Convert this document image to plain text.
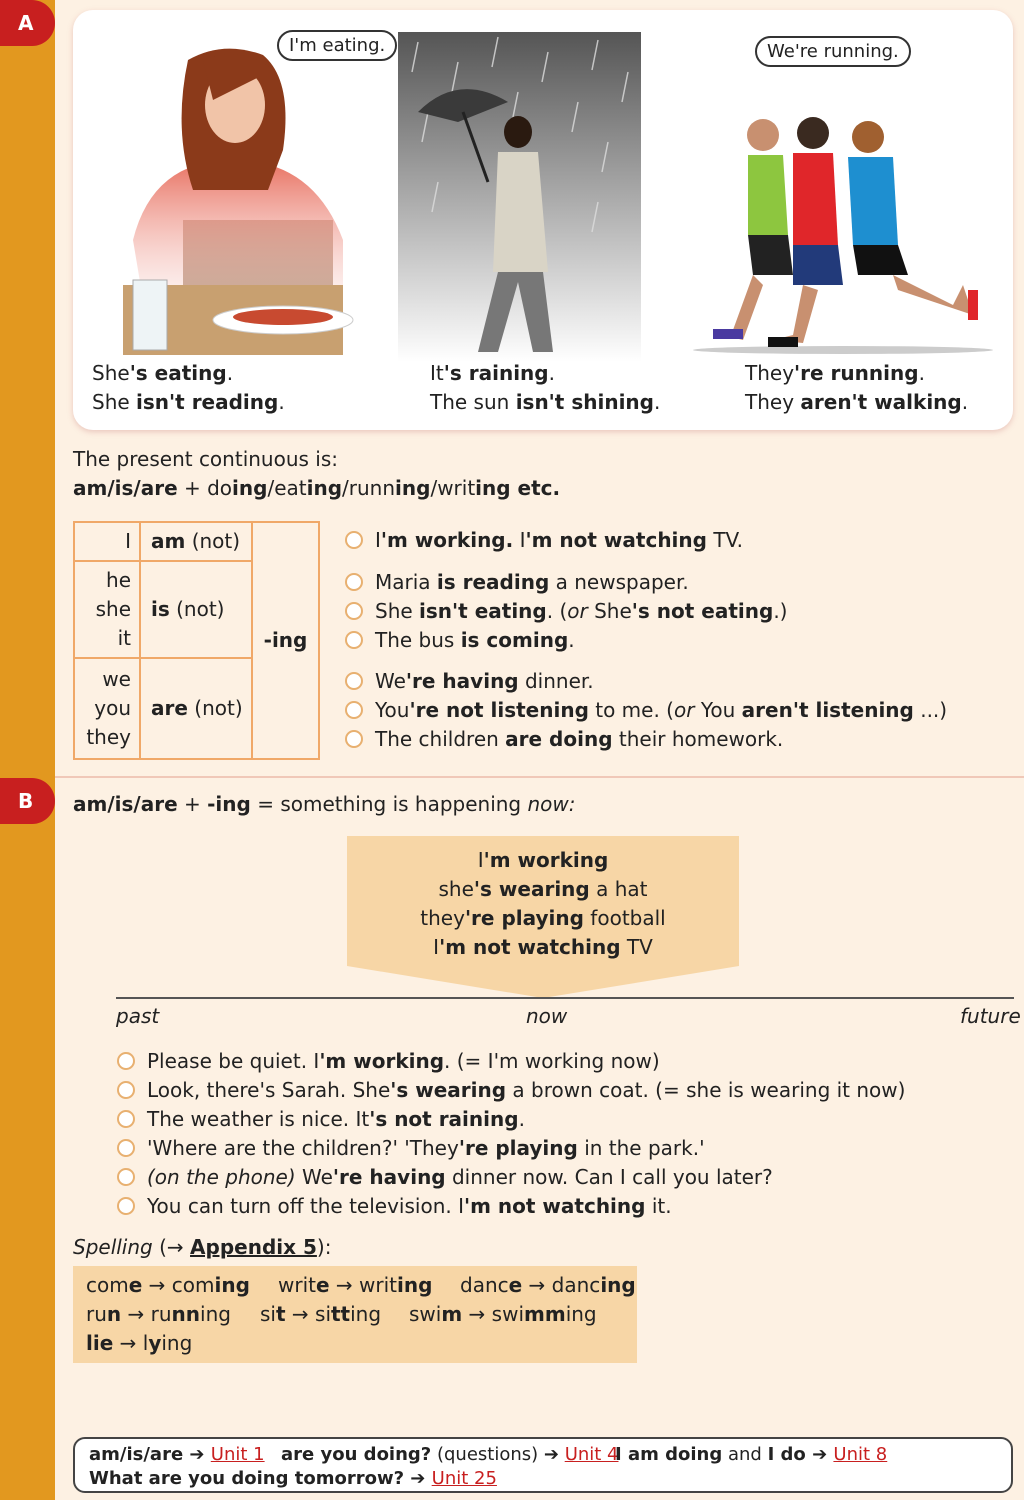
A
B
I'm eating.	We're running.
She's eating.
She isn't reading.
It's raining.
The sun isn't shining.
They're running.
They aren't walking.
The present continuous is:
am/is/are + doing/eating/running/writing etc.
I	am (not)	-ing
he
she
it	is (not)	
we
you
they	are (not)	
I'm working. I'm not watching TV.
Maria is reading a newspaper.
She isn't eating. (or She's not eating.)
The bus is coming.
We're having dinner.
You're not listening to me. (or You aren't listening ...)
The children are doing their homework.
am/is/are + -ing = something is happening now:
I'm working
she's wearing a hat
they're playing football
I'm not watching TV
past	now	future
Please be quiet. I'm working. (= I'm working now)
Look, there's Sarah. She's wearing a brown coat. (= she is wearing it now)
The weather is nice. It's not raining.
'Where are the children?' 'They're playing in the park.'
(on the phone) We're having dinner now. Can I call you later?
You can turn off the television. I'm not watching it.
Spelling (→ Appendix 5):
come → coming write → writing dance → dancing
run → running sit → sitting swim → swimming
lie → lying
am/is/are ➔ Unit 1 are you doing? (questions) ➔ Unit 4
I am doing and I do ➔ Unit 8
What are you doing tomorrow? ➔ Unit 25
